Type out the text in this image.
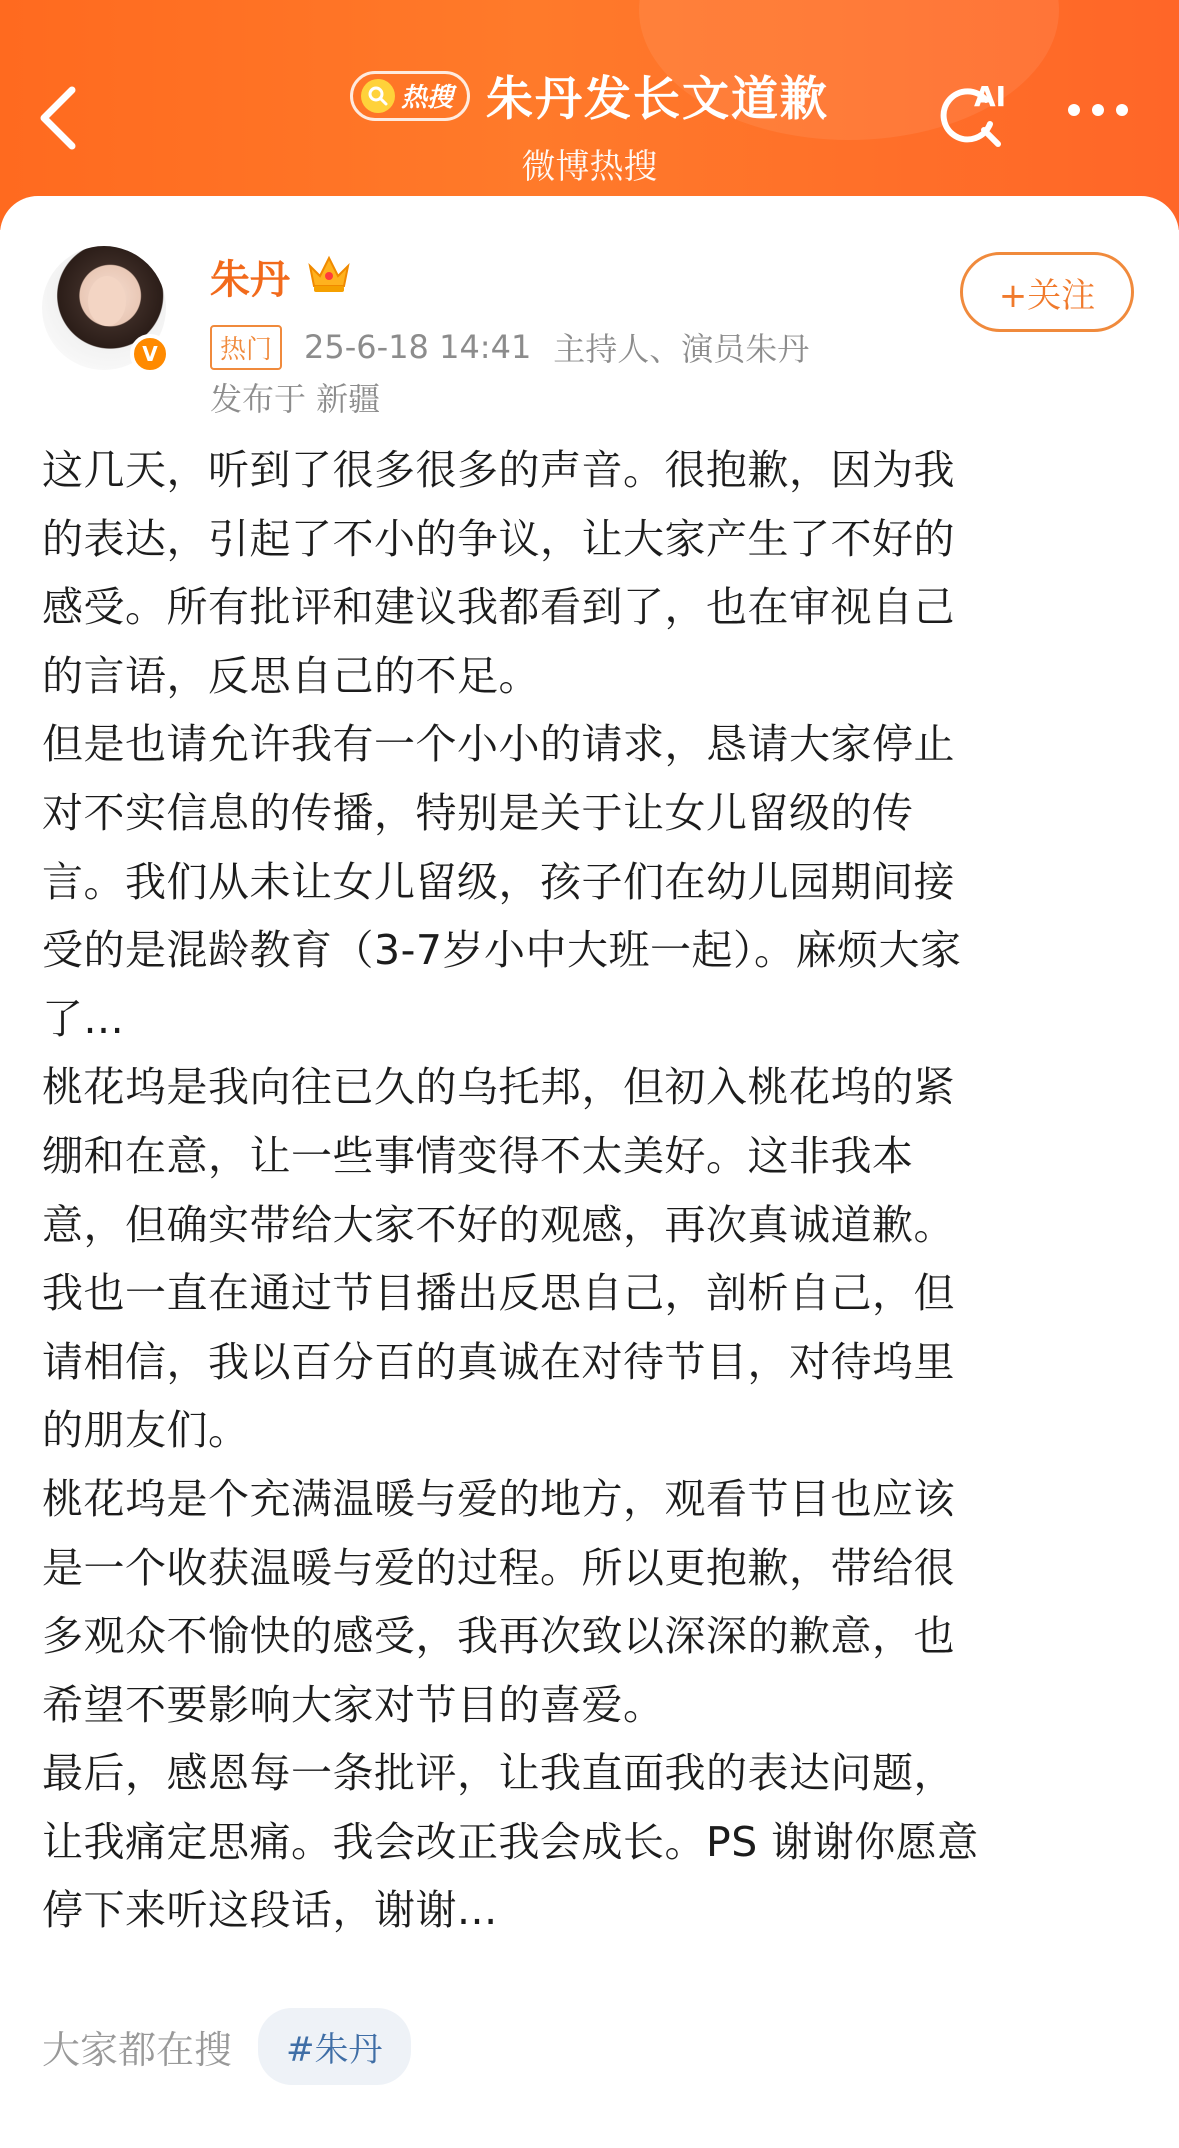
热搜 朱丹发长文道歉
微博热搜
AI
V
朱丹
热门	25-6-18 14:41 主持人、演员朱丹
发布于 新疆
+关注
这几天，听到了很多很多的声音。很抱歉，因为我
的表达，引起了不小的争议，让大家产生了不好的
感受。所有批评和建议我都看到了，也在审视自己
的言语，反思自己的不足。
但是也请允许我有一个小小的请求，恳请大家停止
对不实信息的传播，特别是关于让女儿留级的传
言。我们从未让女儿留级，孩子们在幼儿园期间接
受的是混龄教育（3-7岁小中大班一起）。麻烦大家
了...
桃花坞是我向往已久的乌托邦，但初入桃花坞的紧
绷和在意，让一些事情变得不太美好。这非我本
意，但确实带给大家不好的观感，再次真诚道歉。
我也一直在通过节目播出反思自己，剖析自己，但
请相信，我以百分百的真诚在对待节目，对待坞里
的朋友们。
桃花坞是个充满温暖与爱的地方，观看节目也应该
是一个收获温暖与爱的过程。所以更抱歉，带给很
多观众不愉快的感受，我再次致以深深的歉意，也
希望不要影响大家对节目的喜爱。
最后，感恩每一条批评，让我直面我的表达问题，
让我痛定思痛。我会改正我会成长。PS 谢谢你愿意
停下来听这段话，谢谢...
大家都在搜	#朱丹
